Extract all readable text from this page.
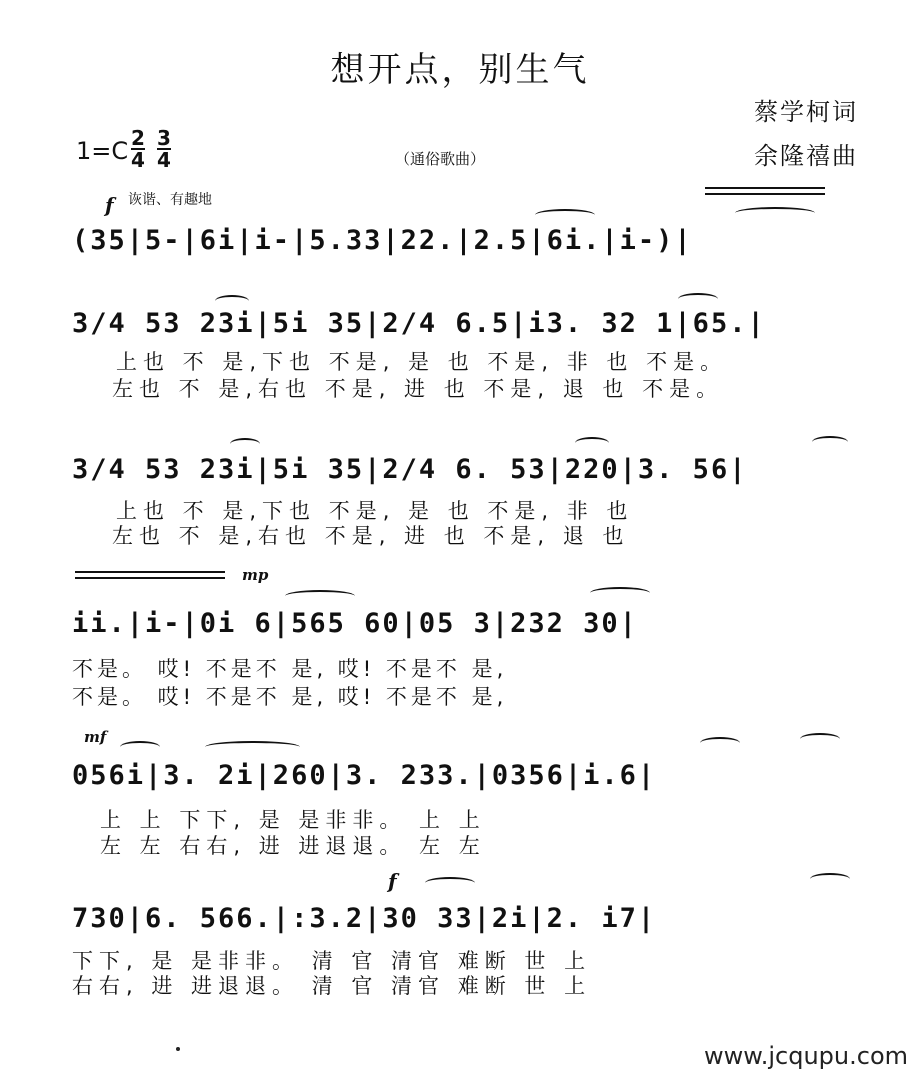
想开点，别生气
蔡学柯词
余隆禧曲
1=C 2
4
3
4	（通俗歌曲）
f 诙谐、有趣地
(35|5-|6i|i-|5.33|22.|2.5|6i.|i-)|
3/4 53 23i|5i 35|2/4 6.5|i3. 32 1|65.|
上也 不 是,下也 不是, 是 也 不是, 非 也 不是。
左也 不 是,右也 不是, 进 也 不是, 退 也 不是。
3/4 53 23i|5i 35|2/4 6. 53|220|3. 56|
上也 不 是,下也 不是, 是 也 不是, 非 也
左也 不 是,右也 不是, 进 也 不是, 退 也
mp
ii.|i-|0i 6|565 60|05 3|232 30|
不是。 哎! 不是不 是, 哎! 不是不 是,
不是。 哎! 不是不 是, 哎! 不是不 是,
mf
056i|3. 2i|260|3. 233.|0356|i.6|
上 上 下下, 是 是非非。 上 上
左 左 右右, 进 进退退。 左 左
f
730|6. 566.|:3.2|30 33|2i|2. i7|
下下, 是 是非非。 清 官 清官 难断 世 上
右右, 进 进退退。 清 官 清官 难断 世 上
www.jcqupu.com
